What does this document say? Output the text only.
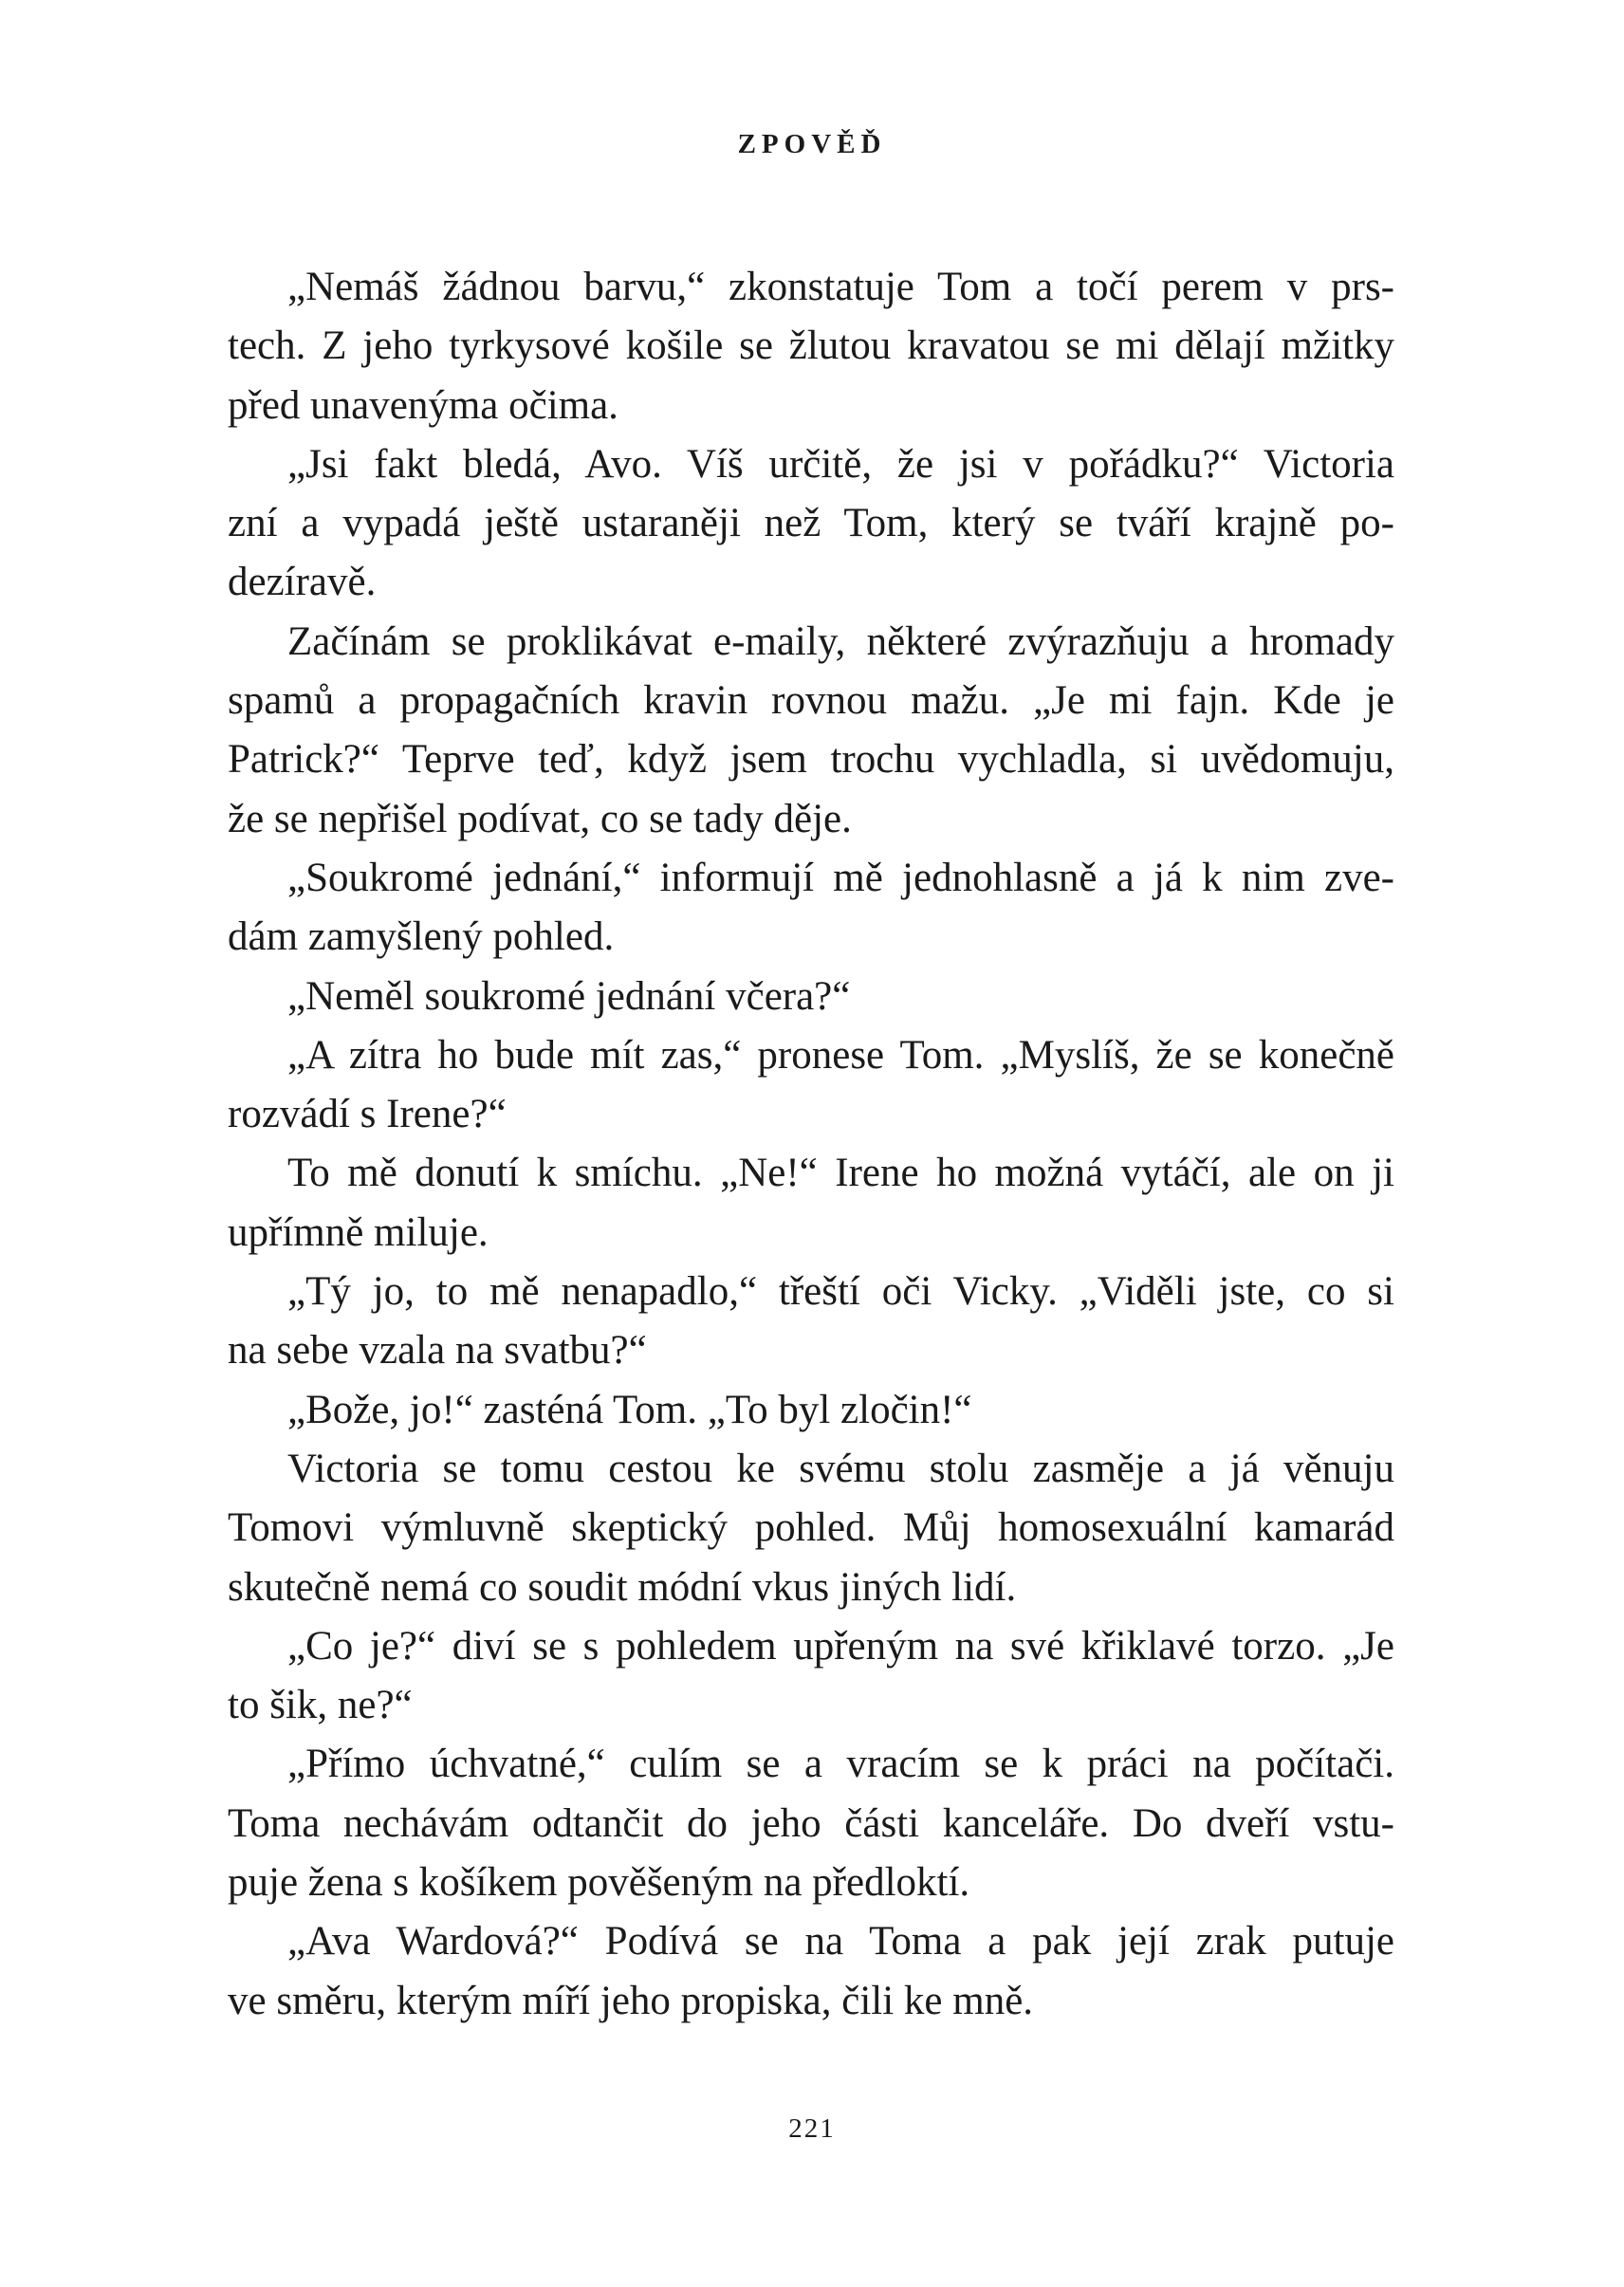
ZPOVĚĎ
„Nemáš žádnou barvu,“ zkonstatuje Tom a točí perem v prs-
tech. Z jeho tyrkysové košile se žlutou kravatou se mi dělají mžitky
před unavenýma očima.
„Jsi fakt bledá, Avo. Víš určitě, že jsi v pořádku?“ Victoria
zní a vypadá ještě ustaraněji než Tom, který se tváří krajně po-
dezíravě.
Začínám se proklikávat e-maily, některé zvýrazňuju a hromady
spamů a propagačních kravin rovnou mažu. „Je mi fajn. Kde je
Patrick?“ Teprve teď, když jsem trochu vychladla, si uvědomuju,
že se nepřišel podívat, co se tady děje.
„Soukromé jednání,“ informují mě jednohlasně a já k nim zve-
dám zamyšlený pohled.
„Neměl soukromé jednání včera?“
„A zítra ho bude mít zas,“ pronese Tom. „Myslíš, že se konečně
rozvádí s Irene?“
To mě donutí k smíchu. „Ne!“ Irene ho možná vytáčí, ale on ji
upřímně miluje.
„Tý jo, to mě nenapadlo,“ třeští oči Vicky. „Viděli jste, co si
na sebe vzala na svatbu?“
„Bože, jo!“ zasténá Tom. „To byl zločin!“
Victoria se tomu cestou ke svému stolu zasměje a já věnuju
Tomovi výmluvně skeptický pohled. Můj homosexuální kamarád
skutečně nemá co soudit módní vkus jiných lidí.
„Co je?“ diví se s pohledem upřeným na své křiklavé torzo. „Je
to šik, ne?“
„Přímo úchvatné,“ culím se a vracím se k práci na počítači.
Toma nechávám odtančit do jeho části kanceláře. Do dveří vstu-
puje žena s košíkem pověšeným na předloktí.
„Ava Wardová?“ Podívá se na Toma a pak její zrak putuje
ve směru, kterým míří jeho propiska, čili ke mně.
221
